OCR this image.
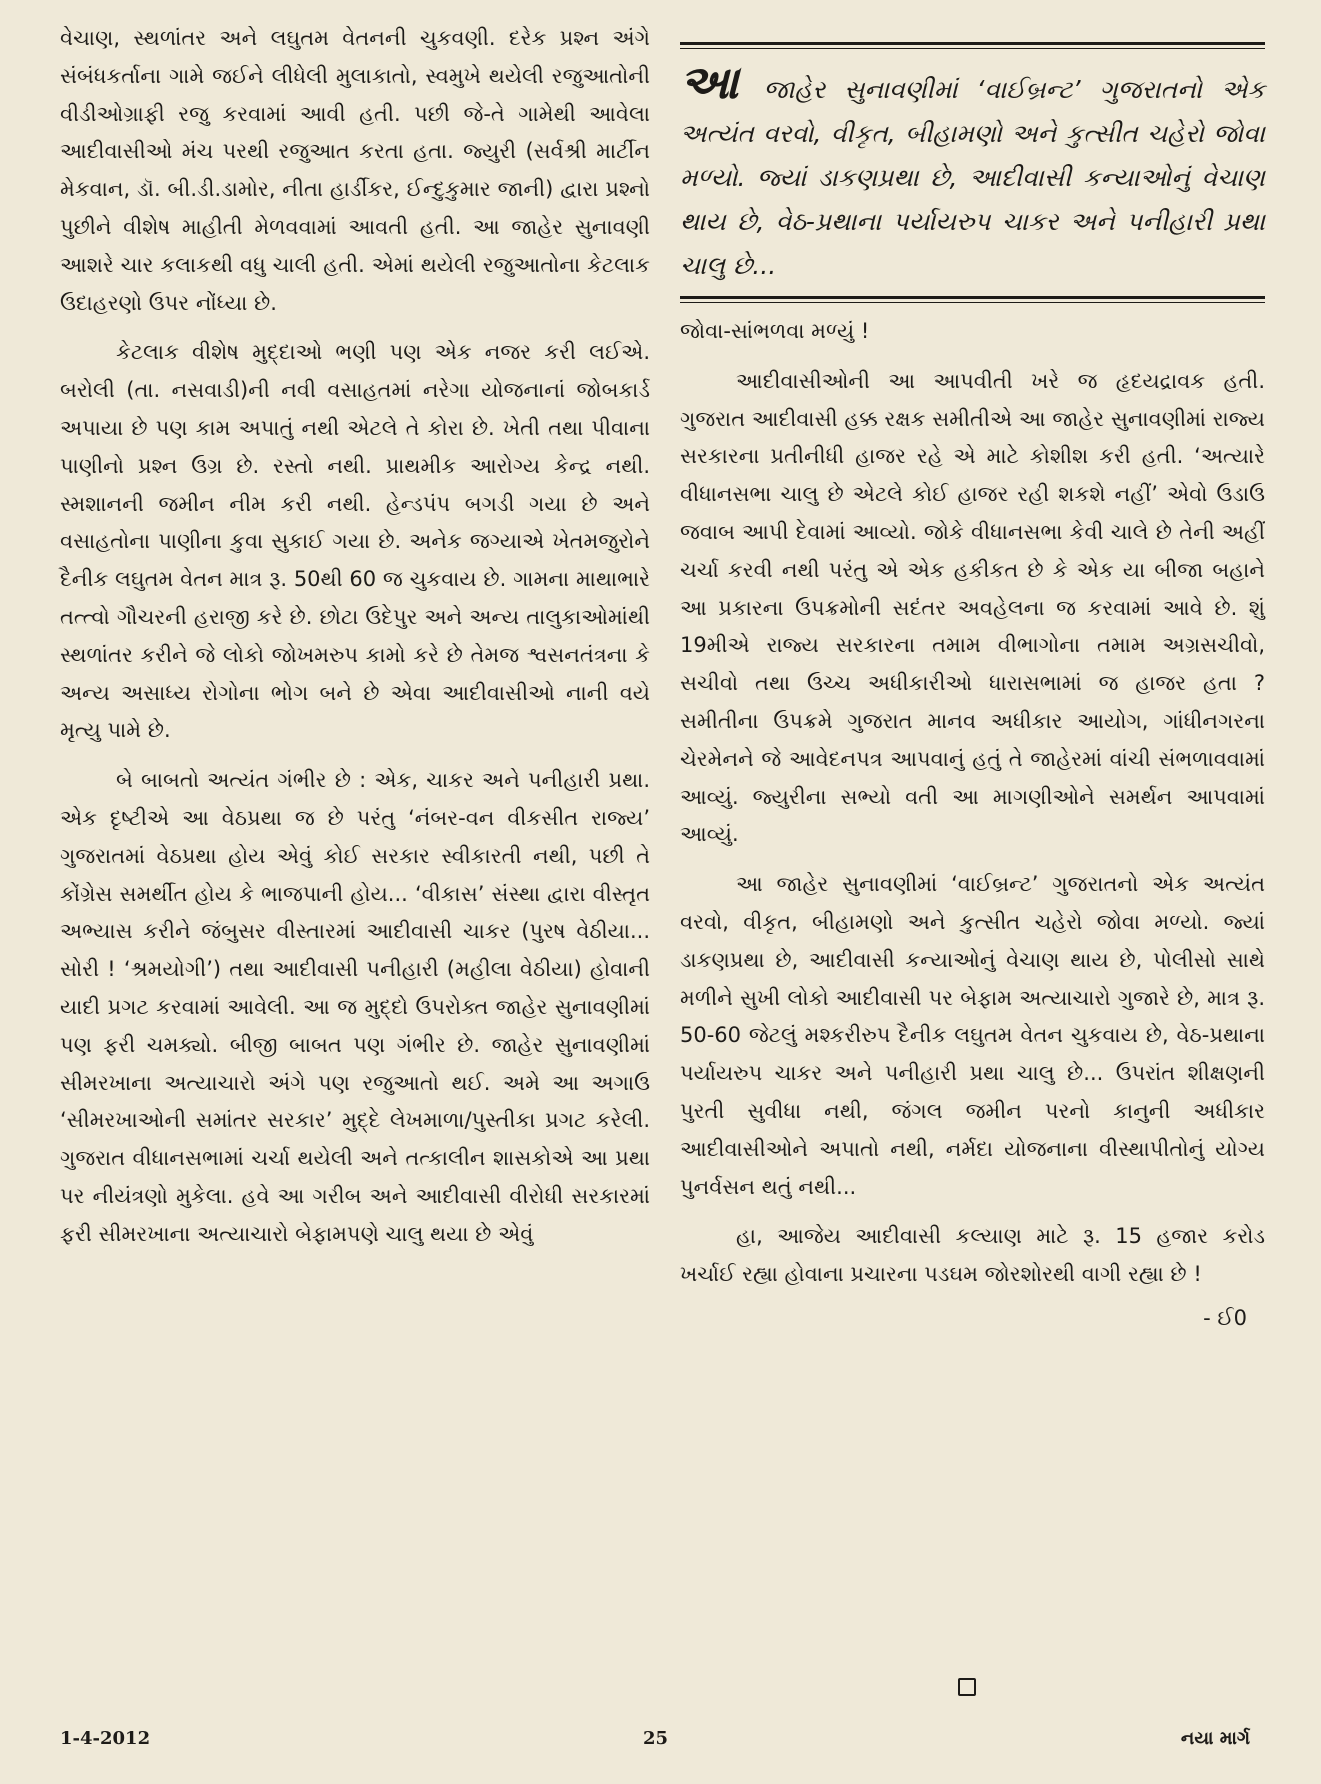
વેચાણ, સ્થળાંતર અને લઘુતમ વેતનની ચુકવણી. દરેક પ્રશ્ન અંગે સંબંધકર્તાના ગામે જઈને લીધેલી મુલાકાતો, સ્વમુખે થયેલી રજુઆતોની વીડીઓગ્રાફી રજુ કરવામાં આવી હતી. પછી જે-તે ગામેથી આવેલા આદીવાસીઓ મંચ પરથી રજુઆત કરતા હતા. જ્યુરી (સર્વશ્રી માર્ટીન મેકવાન, ડૉ. બી.ડી.ડામોર, નીતા હાર્ડીકર, ઈન્દુકુમાર જાની) દ્વારા પ્રશ્નો પુછીને વીશેષ માહીતી મેળવવામાં આવતી હતી. આ જાહેર સુનાવણી આશરે ચાર કલાકથી વધુ ચાલી હતી. એમાં થયેલી રજુઆતોના કેટલાક ઉદાહરણો ઉપર નોંધ્યા છે.

કેટલાક વીશેષ મુદ્દાઓ ભણી પણ એક નજર કરી લઈએ. બરોલી (તા. નસવાડી)ની નવી વસાહતમાં નરેગા યોજનાનાં જોબકાર્ડ અપાયા છે પણ કામ અપાતું નથી એટલે તે કોરા છે. ખેતી તથા પીવાના પાણીનો પ્રશ્ન ઉગ્ર છે. રસ્તો નથી. પ્રાથમીક આરોગ્ય કેન્દ્ર નથી. સ્મશાનની જમીન નીમ કરી નથી. હેન્ડપંપ બગડી ગયા છે અને વસાહતોના પાણીના કુવા સુકાઈ ગયા છે. અનેક જગ્યાએ ખેતમજુરોને દૈનીક લઘુતમ વેતન માત્ર રૂ. 50થી 60 જ ચુકવાય છે. ગામના માથાભારે તત્ત્વો ગૌચરની હરાજી કરે છે. છોટા ઉદેપુર અને અન્ય તાલુકાઓમાંથી સ્થળાંતર કરીને જે લોકો જોખમરુપ કામો કરે છે તેમજ શ્વસનતંત્રના કે અન્ય અસાધ્ય રોગોના ભોગ બને છે એવા આદીવાસીઓ નાની વયે મૃત્યુ પામે છે.

બે બાબતો અત્યંત ગંભીર છે : એક, ચાકર અને પનીહારી પ્રથા. એક દૃષ્ટીએ આ વેઠપ્રથા જ છે પરંતુ ‘નંબર-વન વીકસીત રાજ્ય’ ગુજરાતમાં વેઠપ્રથા હોય એવું કોઈ સરકાર સ્વીકારતી નથી, પછી તે કોંગ્રેસ સમર્થીત હોય કે ભાજપાની હોય... ‘વીકાસ’ સંસ્થા દ્વારા વીસ્તૃત અભ્યાસ કરીને જંબુસર વીસ્તારમાં આદીવાસી ચાકર (પુરષ વેઠીયા... સોરી ! ‘શ્રમયોગી’) તથા આદીવાસી પનીહારી (મહીલા વેઠીયા) હોવાની યાદી પ્રગટ કરવામાં આવેલી. આ જ મુદ્દો ઉપરોક્ત જાહેર સુનાવણીમાં પણ ફરી ચમક્યો. બીજી બાબત પણ ગંભીર છે. જાહેર સુનાવણીમાં સીમરખાના અત્યાચારો અંગે પણ રજુઆતો થઈ. અમે આ અગાઉ ‘સીમરખાઓની સમાંતર સરકાર’ મુદ્દે લેખમાળા/પુસ્તીકા પ્રગટ કરેલી. ગુજરાત વીધાનસભામાં ચર્ચા થયેલી અને તત્કાલીન શાસકોએ આ પ્રથા પર નીયંત્રણો મુકેલા. હવે આ ગરીબ અને આદીવાસી વીરોધી સરકારમાં ફરી સીમરખાના અત્યાચારો બેફામપણે ચાલુ થયા છે એવું

આ જાહેર સુનાવણીમાં ‘વાઈબ્રન્ટ’ ગુજરાતનો એક અત્યંત વરવો, વીકૃત, બીહામણો અને કુત્સીત ચહેરો જોવા મળ્યો. જ્યાં ડાકણપ્રથા છે, આદીવાસી કન્યાઓનું વેચાણ થાય છે, વેઠ-પ્રથાના પર્યાયરુપ ચાકર અને પનીહારી પ્રથા ચાલુ છે...

જોવા-સાંભળવા મળ્યું !

આદીવાસીઓની આ આપવીતી ખરે જ હૃદયદ્રાવક હતી. ગુજરાત આદીવાસી હક્ક રક્ષક સમીતીએ આ જાહેર સુનાવણીમાં રાજ્ય સરકારના પ્રતીનીધી હાજર રહે એ માટે કોશીશ કરી હતી. ‘અત્યારે વીધાનસભા ચાલુ છે એટલે કોઈ હાજર રહી શકશે નહીં’ એવો ઉડાઉ જવાબ આપી દેવામાં આવ્યો. જોકે વીધાનસભા કેવી ચાલે છે તેની અહીં ચર્ચા કરવી નથી પરંતુ એ એક હકીકત છે કે એક યા બીજા બહાને આ પ્રકારના ઉપક્રમોની સદંતર અવહેલના જ કરવામાં આવે છે. શું 19મીએ રાજ્ય સરકારના તમામ વીભાગોના તમામ અગ્રસચીવો, સચીવો તથા ઉચ્ચ અધીકારીઓ ધારાસભામાં જ હાજર હતા ? સમીતીના ઉપક્રમે ગુજરાત માનવ અધીકાર આયોગ, ગાંધીનગરના ચેરમેનને જે આવેદનપત્ર આપવાનું હતું તે જાહેરમાં વાંચી સંભળાવવામાં આવ્યું. જ્યુરીના સભ્યો વતી આ માગણીઓને સમર્થન આપવામાં આવ્યું.

આ જાહેર સુનાવણીમાં ‘વાઈબ્રન્ટ’ ગુજરાતનો એક અત્યંત વરવો, વીકૃત, બીહામણો અને કુત્સીત ચહેરો જોવા મળ્યો. જ્યાં ડાકણપ્રથા છે, આદીવાસી કન્યાઓનું વેચાણ થાય છે, પોલીસો સાથે મળીને સુખી લોકો આદીવાસી પર બેફામ અત્યાચારો ગુજારે છે, માત્ર રૂ. 50-60 જેટલું મશ્કરીરુપ દૈનીક લઘુતમ વેતન ચુકવાય છે, વેઠ-પ્રથાના પર્યાયરુપ ચાકર અને પનીહારી પ્રથા ચાલુ છે... ઉપરાંત શીક્ષણની પુરતી સુવીધા નથી, જંગલ જમીન પરનો કાનુની અધીકાર આદીવાસીઓને અપાતો નથી, નર્મદા યોજનાના વીસ્થાપીતોનું યોગ્ય પુનર્વસન થતું નથી...

હા, આજેય આદીવાસી કલ્યાણ માટે રૂ. 15 હજાર કરોડ ખર્ચાઈ રહ્યા હોવાના પ્રચારના પડઘમ જોરશોરથી વાગી રહ્યા છે !

- ઈ0
1-4-2012	25	નયા માર્ગ
